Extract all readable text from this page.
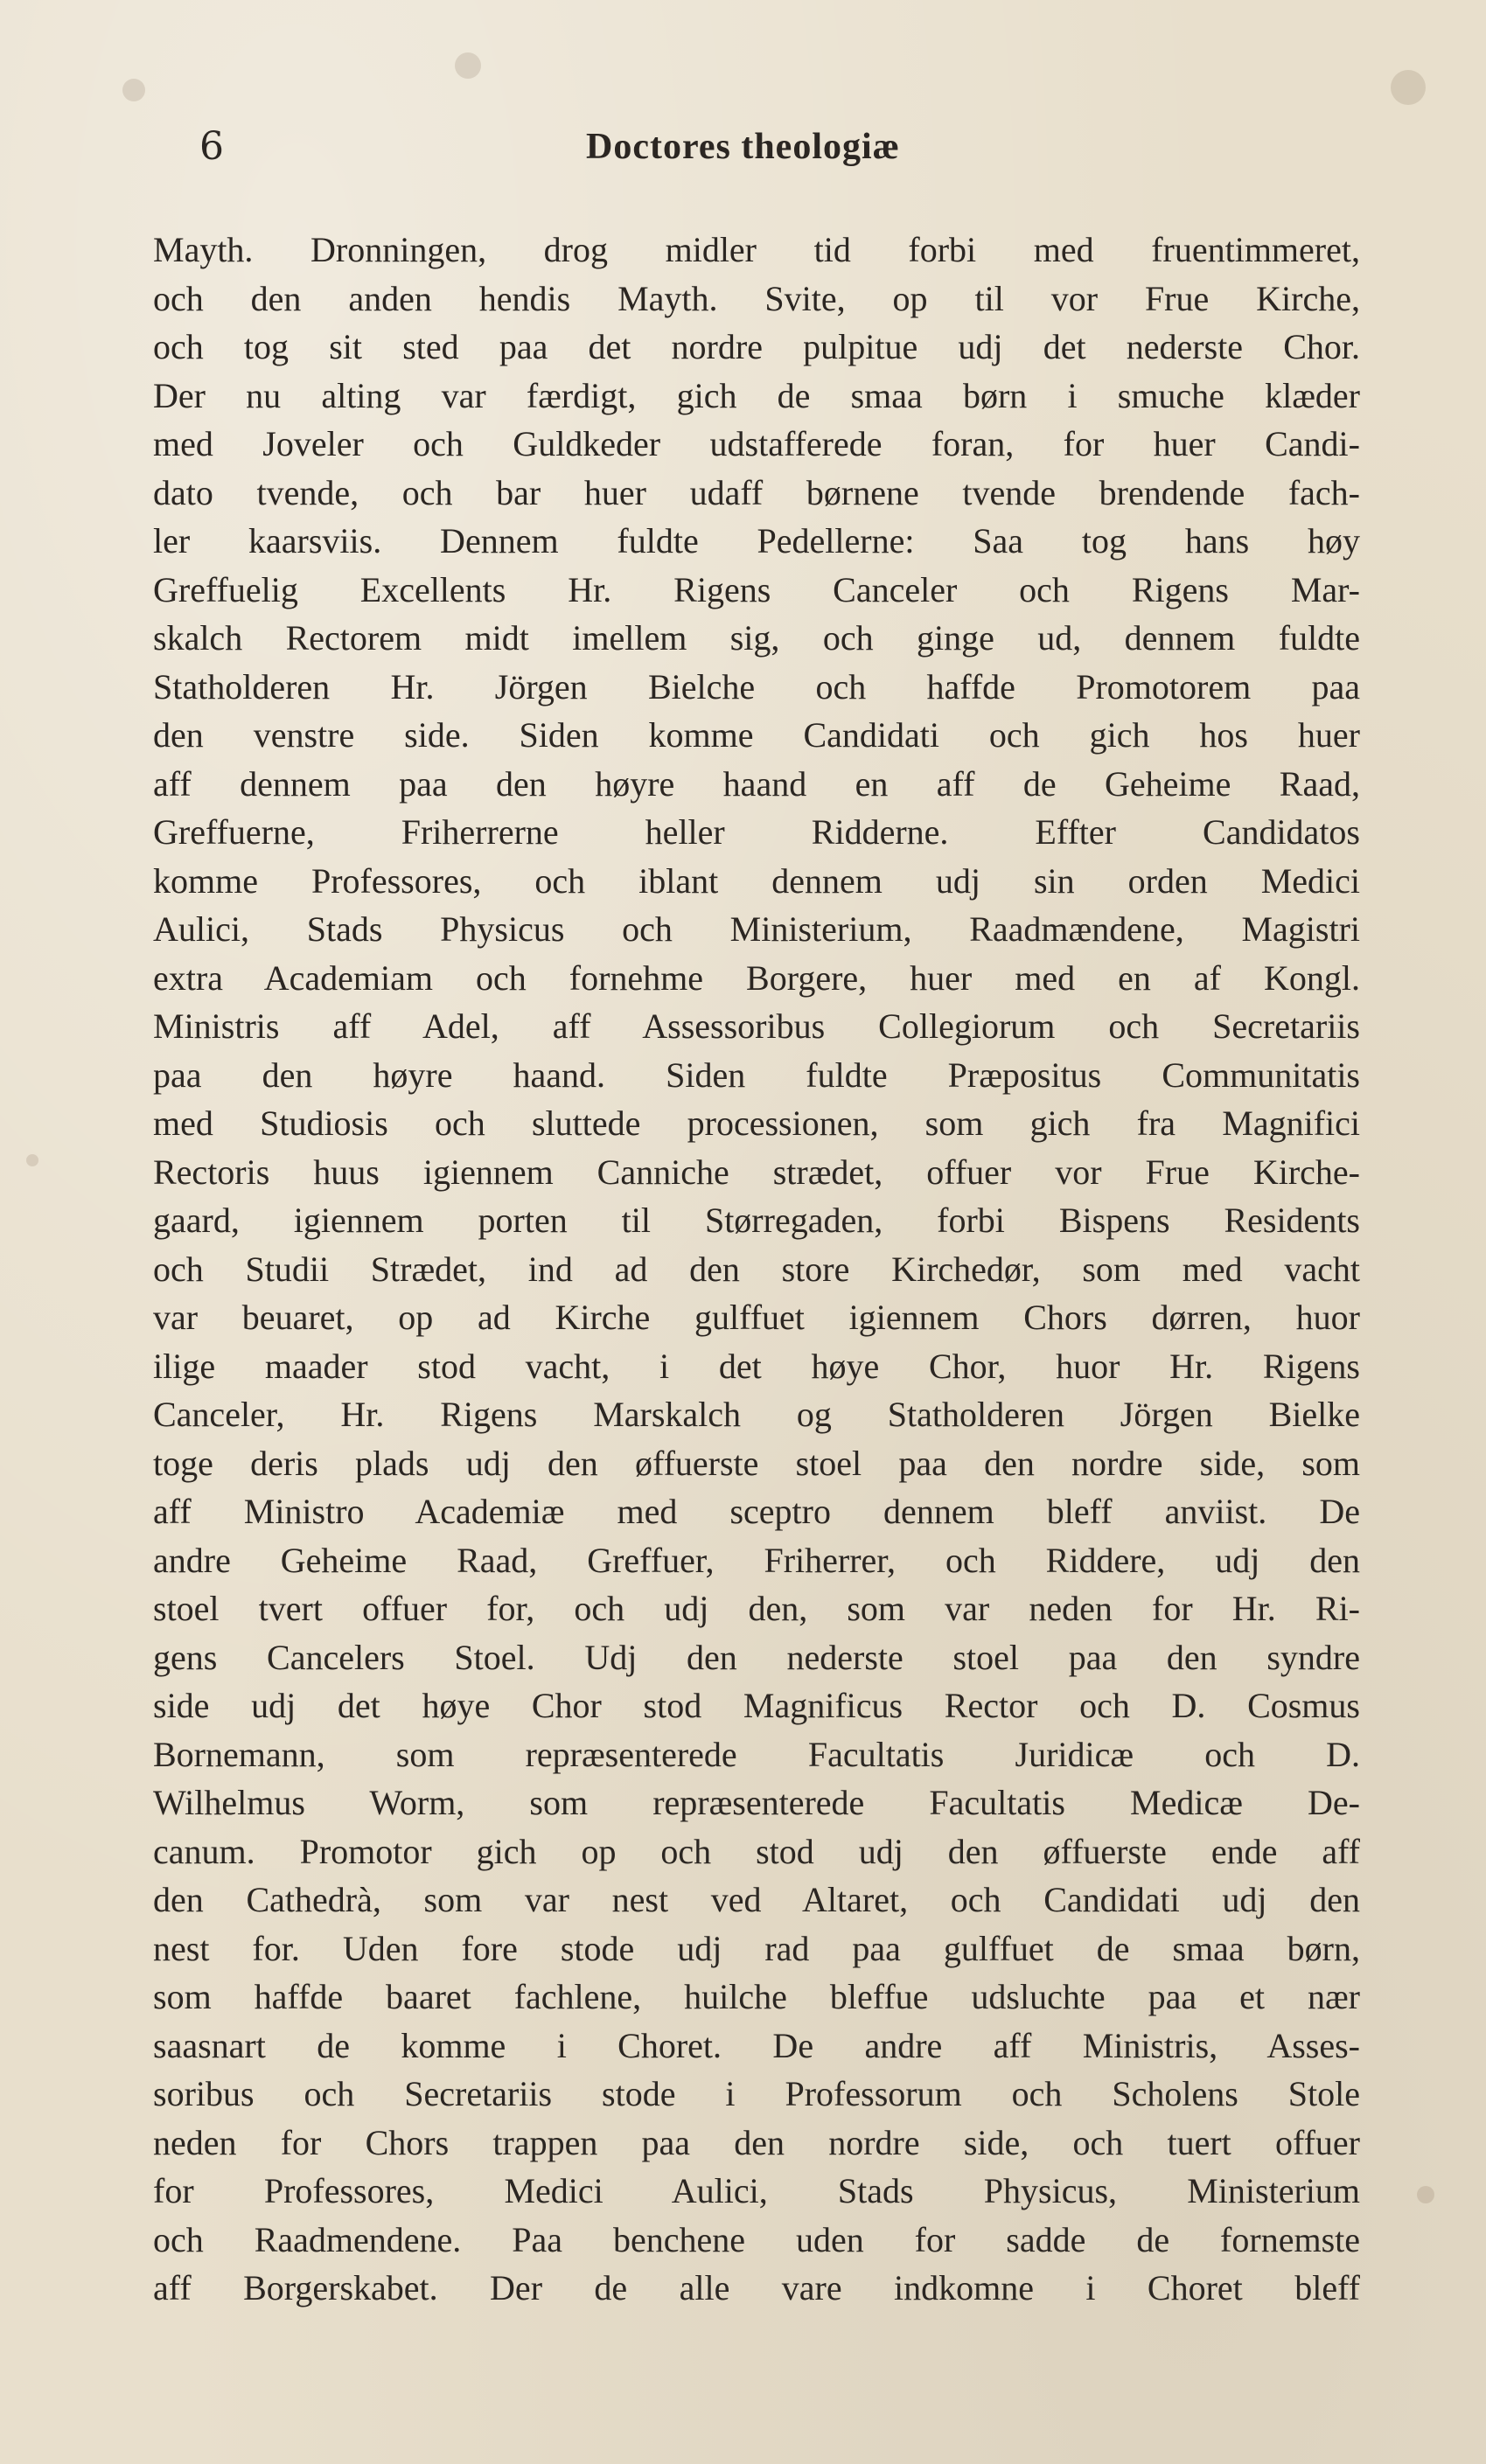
6	Doctores theologiæ
Mayth. Dronningen, drog midler tid forbi med fruentimmeret,
och den anden hendis Mayth. Svite, op til vor Frue Kirche,
och tog sit sted paa det nordre pulpitue udj det nederste Chor.
Der nu alting var færdigt, gich de smaa børn i smuche klæder
med Joveler och Guldkeder udstafferede foran, for huer Candi-
dato tvende, och bar huer udaff børnene tvende brendende fach-
ler kaarsviis. Dennem fuldte Pedellerne: Saa tog hans høy
Greffuelig Excellents Hr. Rigens Canceler och Rigens Mar-
skalch Rectorem midt imellem sig, och ginge ud, dennem fuldte
Statholderen Hr. Jörgen Bielche och haffde Promotorem paa
den venstre side. Siden komme Candidati och gich hos huer
aff dennem paa den høyre haand en aff de Geheime Raad,
Greffuerne, Friherrerne heller Ridderne. Effter Candidatos
komme Professores, och iblant dennem udj sin orden Medici
Aulici, Stads Physicus och Ministerium, Raadmændene, Magistri
extra Academiam och fornehme Borgere, huer med en af Kongl.
Ministris aff Adel, aff Assessoribus Collegiorum och Secretariis
paa den høyre haand. Siden fuldte Præpositus Communitatis
med Studiosis och sluttede processionen, som gich fra Magnifici
Rectoris huus igiennem Canniche strædet, offuer vor Frue Kirche-
gaard, igiennem porten til Størregaden, forbi Bispens Residents
och Studii Strædet, ind ad den store Kirchedør, som med vacht
var beuaret, op ad Kirche gulffuet igiennem Chors dørren, huor
ilige maader stod vacht, i det høye Chor, huor Hr. Rigens
Canceler, Hr. Rigens Marskalch og Statholderen Jörgen Bielke
toge deris plads udj den øffuerste stoel paa den nordre side, som
aff Ministro Academiæ med sceptro dennem bleff anviist. De
andre Geheime Raad, Greffuer, Friherrer, och Riddere, udj den
stoel tvert offuer for, och udj den, som var neden for Hr. Ri-
gens Cancelers Stoel. Udj den nederste stoel paa den syndre
side udj det høye Chor stod Magnificus Rector och D. Cosmus
Bornemann, som repræsenterede Facultatis Juridicæ och D.
Wilhelmus Worm, som repræsenterede Facultatis Medicæ De-
canum. Promotor gich op och stod udj den øffuerste ende aff
den Cathedrà, som var nest ved Altaret, och Candidati udj den
nest for. Uden fore stode udj rad paa gulffuet de smaa børn,
som haffde baaret fachlene, huilche bleffue udsluchte paa et nær
saasnart de komme i Choret. De andre aff Ministris, Asses-
soribus och Secretariis stode i Professorum och Scholens Stole
neden for Chors trappen paa den nordre side, och tuert offuer
for Professores, Medici Aulici, Stads Physicus, Ministerium
och Raadmendene. Paa benchene uden for sadde de fornemste
aff Borgerskabet. Der de alle vare indkomne i Choret bleff
